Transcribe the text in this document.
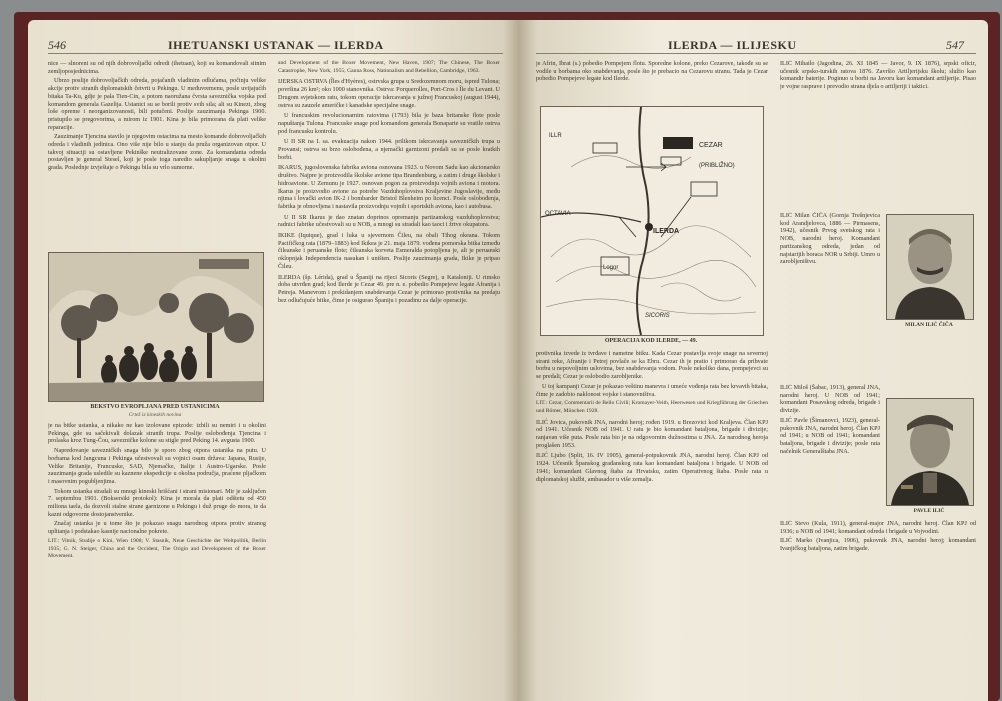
546	IHETUANSKI USTANAK — ILERDA

nice — slnoreni su od njih dobrovoljački odredi (ihetuan), koji su komandovali sitnim zemljoposjednicima.

Ubrzo poslije dobrovoljačkih odreda, pojačanih vladinim odlučama, počinju velike akcije protiv stranih diplomatskih četvrti u Pekingu. U međuvremenu, posle uvijajućih bitaka Ta-Ku, gdje je pala Tien-Cin, a potom naoružana čvrsta saveznička vojska pod komandom generala Gazelija. Ustanici su se borili protiv svih sila; ali su Kinezi, zbog loše opreme i neorganizovanosti, bili potučeni. Poslije zauzimanja Pekinga 1900. pristupilo se pregovorima, a mirom iz 1901. Kina je bila primorana da plati velike reparacije.

Zauzimanje Tjencina stavilo je njegovim ostacima na mesto komande dobrovoljačkih odreda i vladinih jedinica. Ono više nije bilo u stanju da pruža organizovan otpor. U takvoj situaciji su ostavljene Pekinške neutralizovane zone. Za komandanta odreda postavljen je general Stesel, koji je posle toga naredio sakupljanje snaga u okolini grada. Poslednje izvještaje o Pekingu bila su vrlo sumorne.

BEKSTVO EVROPLJANA PRED USTANICIMA
Crtež iz kineskih novina

je na bitke ustanka, a nikako ne kao izolovane epizode: izbili su nemiri i u okolini Pekinga, gde su sačekivali dolazak stranih trupa. Poslije oslobođenja Tjencina i prolaska kroz Tung-Čou, savezničke kolone su stigle pred Peking 14. avgusta 1900.

Napredovanje savezničkih snaga bilo je sporo zbog otpora ustanika na putu. U borbama kod Jangcuna i Pekinga učestvovali su vojnici osam država: Japana, Rusije, Velike Britanije, Francuske, SAD, Njemačke, Italije i Austro-Ugarske. Posle zauzimanja grada usledile su kaznene ekspedicije u okolna područja, praćene pljačkom i masovnim pogubljenjima.

Tokom ustanka stradali su mnogi kineski hrišćani i strani misionari. Mir je zaključen 7. septembra 1901. (Boksersiki protokol): Kina je morala da plati odštetu od 450 miliona taela, da dozvoli stalne strane garnizone u Pekingu i duž pruge do mora, te da kazni odgovorne dostojanstvenike.

Značaj ustanka je u tome što je pokazao snagu narodnog otpora protiv stranog uplitanja i podstakao kasnije nacionalne pokrete.

LIT.: Vitnik, Studije o Kini, Wien 1908; V. Stasnik, Neue Geschichte der Weltpolitik, Berlin 1935; G. N. Steiger, China and the Occident, The Origin and Development of the Boxer Movement.

and Development of the Boxer Movement, New Haven, 1907; The Chinese, The Boxer Catastrophe, New York, 1955; Ganna Ross, Nationalism and Rebellion, Cambridge, 1963.

IJERSKA OSTRVA (Îles d'Hyères), ostrvska grupa u Sredozemnom moru, ispred Tulona; površina 26 km²; oko 1000 stanovnika. Ostrva: Porquerolles, Port-Cros i Île du Levant. U Drugom svjetskom ratu, tokom operacije iskrcavanja u južnoj Francuskoj (august 1944), ostrva su zauzele američke i kanadske specijalne snage.

U francuskim revolucionarnim ratovima (1793) bila je baza britanske flote posle napuštanja Tulona. Francuske snage pod komandom generala Bonaparte su vratile ostrva pod francusku kontrolu.

U II SR na I. sa. evakuacija nakon 1944. prilikom iskrcavanja savezničkih trupa u Provansi; ostrva su brzo oslobođena, a njemački garnizoni predali su se posle kratkih borbi.

IKARUS, jugoslovenska fabrika aviona osnovana 1923. u Novom Sadu kao akcionarsko društvo. Najpre je proizvodila školske avione tipa Brandenburg, a zatim i druge školske i hidroavione. U Zemunu je 1927. osnovan pogon za proizvodnju vojnih aviona i motora. Ikarus je proizvodio avione za potrebe Vazduhoplovstva Kraljevine Jugoslavije, među njima i lovački avion IK-2 i bombarder Bristol Blenheim po licenci. Posle oslobođenja, fabrika je obnovljena i nastavila proizvodnju vojnih i sportskih aviona, kao i autobusa.

U II SR Ikarus je dao znatan doprinos opremanju partizanskog vazduhoplovstva; radnici fabrike učestvovali su u NOB, a mnogi su stradali kao taoci i žrtve okupatora.

IKIKE (Iquique), grad i luka u sjevernom Čileu, na obali Tihog okeana. Tokom Pacifičkog rata (1879–1883) kod Ikikea je 21. maja 1879. vođena pomorska bitka između čileanske i peruanske flote; čileanska korveta Esmeralda potopljena je, ali je peruanski oklopnjak Independencia nasukan i uništen. Poslije zauzimanja grada, Ikike je pripao Čileu.

ILERDA (šp. Lérida), grad u Španiji na rijeci Sicoris (Segre), u Kataloniji. U rimsko doba utvrđen grad; kod Ilerde je Cezar 49. pre n. e. pobedio Pompejeve legate Afranija i Petreja. Manevrom i prekidanjem snabdevanja Cezar je primorao protivnika na predaju bez odlučujuće bitke, čime je osigurao Španiju i pozadinu za dalje operacije.

ILERDA — ILIJESKU	547

je Afrin, Ibrat (s.) pobedio Pompejem flotu. Sporedne kolone, preko Cezarove, takođe su se vodile u borbama oko snabdevanja, posle što je prebacio na Cezarovu stranu. Tada je Cezar pobedio Pompejeve legate kod Ilerde.

CEZAR
(PRIBLIŽNO)
ILERDA
OCTAVIA
ILLR
SICORIS
Logor
OPERACIJA KOD ILERDE, — 49.

protivnika izvede iz tvrđave i nametne bitku. Kada Cezar postavlja svoje snage na severnoj strani reke, Afranije i Petrej povlače se ka Ebru. Cezar ih je pratio i primorao da prihvate borbu u nepovoljnim uslovima, bez snabdevanja vodom. Posle nekoliko dana, pompejevci su se predali; Cezar je oslobodio zarobljenike.

U toj kampanji Cezar je pokazao veštinu manevra i umeće vođenja rata bez krvavih bitaka, čime je zadobio naklonost vojske i stanovništva.

LIT.: Cezar, Commentarii de Bello Civili; Kromayer-Veith, Heerwesen und Kriegführung der Griechen und Römer, München 1928.

ILIĆ Jovica, pukovnik JNA, narodni heroj; rođen 1919. u Brezovici kod Kraljeva. Član KPJ od 1941. Učesnik NOB od 1941. U ratu je bio komandant bataljona, brigade i divizije; ranjavan više puta. Posle rata bio je na odgovornim dužnostima u JNA. Za narodnog heroja proglašen 1953.

ILIĆ Ljubo (Split, 16. IV 1905), general-potpukovnik JNA, narodni heroj. Član KPJ od 1924. Učesnik Španskog građanskog rata kao komandant bataljona i brigade. U NOB od 1941; komandant Glavnog štaba za Hrvatsku, zatim Operativnog štaba. Posle rata u diplomatskoj službi, ambasador u više zemalja.

ILIĆ Mihailo (Jagodina, 26. XI 1845 — Javor, 9. IX 1876), srpski oficir, učesnik srpsko-turskih ratova 1876. Završio Artiljerijsku školu; služio kao komandir baterije. Poginuo u borbi na Javoru kao komandant artiljerije. Pisao je vojne rasprave i prevodio strana djela o artiljeriji i taktici.

ILIĆ Milan ČIČA (Gornja Trešnjevica kod Arandjelovca, 1886 — Pirmasens, 1942), učesnik Prvog svetskog rata i NOB, narodni heroj. Komandant partizanskog odreda, jedan od najstarijih boraca NOR u Srbiji. Umro u zarobljeništvu.

MILAN ILIĆ ČIČA

ILIĆ Miloš (Šabac, 1913), general JNA, narodni heroj. U NOB od 1941; komandant Posavskog odreda, brigade i divizije.

ILIĆ Pavle (Šimanovci, 1923), general-pukovnik JNA, narodni heroj. Član KPJ od 1941; u NOB od 1941; komandant bataljona, brigade i divizije; posle rata načelnik Generalštaba JNA.

PAVLE ILIĆ

ILIĆ Stevo (Kula, 1911), general-major JNA, narodni heroj. Član KPJ od 1936; u NOB od 1941; komandant odreda i brigade u Vojvodini.

ILIĆ Marko (Ivanjica, 1906), pukovnik JNA, narodni heroj; komandant Ivanjičkog bataljona, zatim brigade.
